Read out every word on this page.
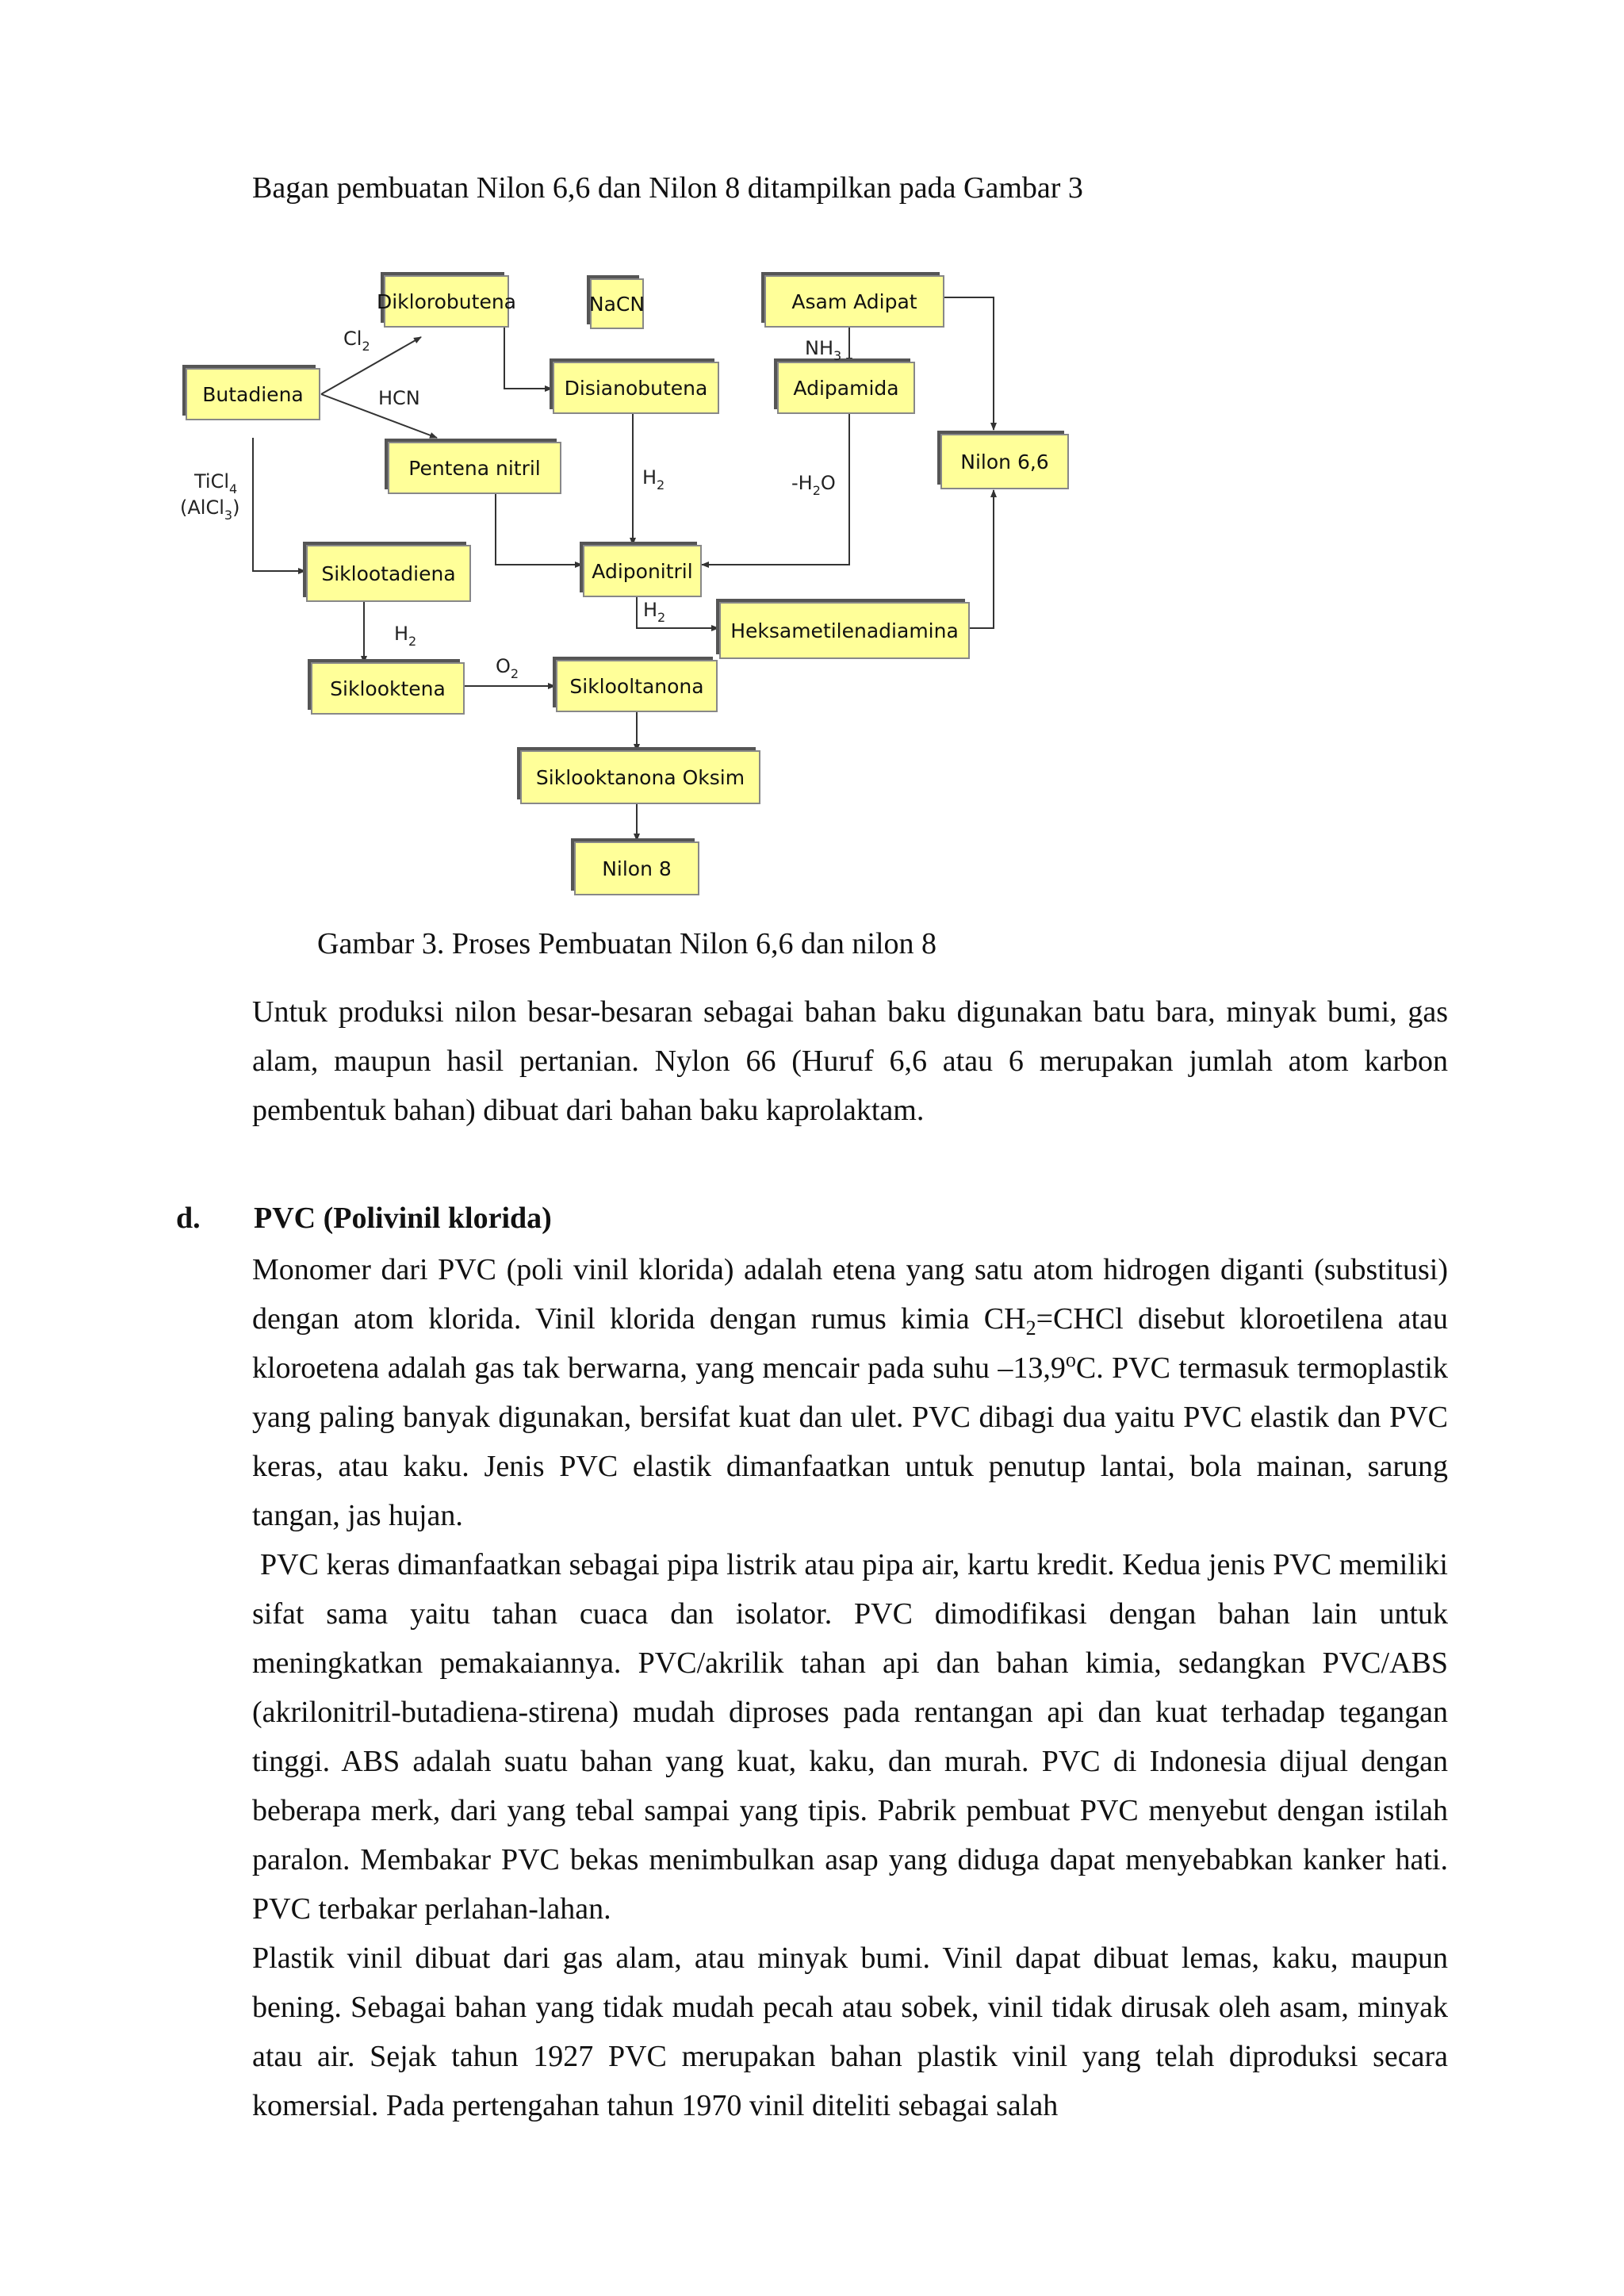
Bagan pembuatan Nilon 6,6 dan Nilon 8 ditampilkan pada Gambar 3
Diklorobutena	NaCN	Asam Adipat
Butadiena	Disianobutena	Adipamida
Nilon 6,6
Pentena nitril
Siklootadiena	Adiponitril
Heksametilenadiamina
Siklooktena	Siklooltanona
Siklooktanona Oksim
Nilon 8
$Cl_2$
HCN
$NH_3$
$H_2$	$-H_2O$
TiCl$_4$
(AlCl$_3$)
$H_2$
$H_2$
$O_2$
Gambar 3. Proses Pembuatan Nilon 6,6 dan nilon 8

Untuk produksi nilon besar-besaran sebagai bahan baku digunakan batu bara, minyak bumi, gas alam, maupun hasil pertanian. Nylon 66 (Huruf 6,6 atau 6 merupakan jumlah atom karbon pembentuk bahan) dibuat dari bahan baku kaprolaktam.

d. PVC (Polivinil klorida)

Monomer dari PVC (poli vinil klorida) adalah etena yang satu atom hidrogen diganti (substitusi) dengan atom klorida. Vinil klorida dengan rumus kimia $CH_2=CHCl$ disebut kloroetilena atau kloroetena adalah gas tak berwarna, yang mencair pada suhu –13,9$^o$C. PVC termasuk termoplastik yang paling banyak digunakan, bersifat kuat dan ulet. PVC dibagi dua yaitu PVC elastik dan PVC keras, atau kaku. Jenis PVC elastik dimanfaatkan untuk penutup lantai, bola mainan, sarung tangan, jas hujan.

PVC keras dimanfaatkan sebagai pipa listrik atau pipa air, kartu kredit. Kedua jenis PVC memiliki sifat sama yaitu tahan cuaca dan isolator. PVC dimodifikasi dengan bahan lain untuk meningkatkan pemakaiannya. PVC/akrilik tahan api dan bahan kimia, sedangkan PVC/ABS (akrilonitril-butadiena-stirena) mudah diproses pada rentangan api dan kuat terhadap tegangan tinggi. ABS adalah suatu bahan yang kuat, kaku, dan murah. PVC di Indonesia dijual dengan beberapa merk, dari yang tebal sampai yang tipis. Pabrik pembuat PVC menyebut dengan istilah paralon. Membakar PVC bekas menimbulkan asap yang diduga dapat menyebabkan kanker hati. PVC terbakar perlahan-lahan.

Plastik vinil dibuat dari gas alam, atau minyak bumi. Vinil dapat dibuat lemas, kaku, maupun bening. Sebagai bahan yang tidak mudah pecah atau sobek, vinil tidak dirusak oleh asam, minyak atau air. Sejak tahun 1927 PVC merupakan bahan plastik vinil yang telah diproduksi secara komersial. Pada pertengahan tahun 1970 vinil diteliti sebagai salah
